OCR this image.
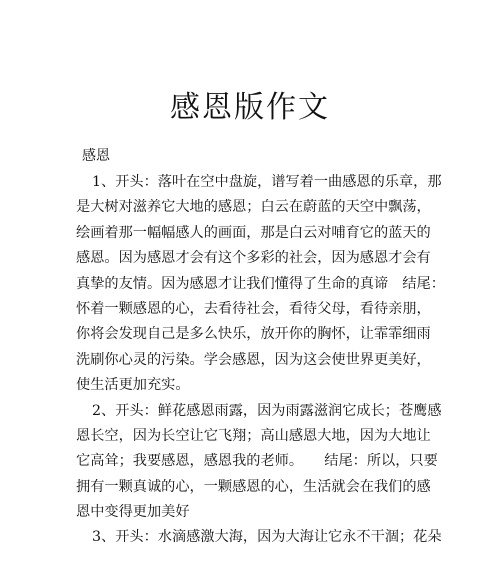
感恩版作文
感恩
1、开头：落叶在空中盘旋，谱写着一曲感恩的乐章，那
是大树对滋养它大地的感恩；白云在蔚蓝的天空中飘荡，
绘画着那一幅幅感人的画面，那是白云对哺育它的蓝天的
感恩。因为感恩才会有这个多彩的社会，因为感恩才会有
真挚的友情。因为感恩才让我们懂得了生命的真谛　结尾：
怀着一颗感恩的心，去看待社会，看待父母，看待亲朋，
你将会发现自己是多么快乐，放开你的胸怀，让霏霏细雨
洗刷你心灵的污染。学会感恩，因为这会使世界更美好，
使生活更加充实。
2、开头：鲜花感恩雨露，因为雨露滋润它成长；苍鹰感
恩长空，因为长空让它飞翔；高山感恩大地，因为大地让
它高耸；我要感恩，感恩我的老师。　　结尾：所以，只要
拥有一颗真诚的心，一颗感恩的心，生活就会在我们的感
恩中变得更加美好
3、开头：水滴感激大海，因为大海让它永不干涸；花朵
